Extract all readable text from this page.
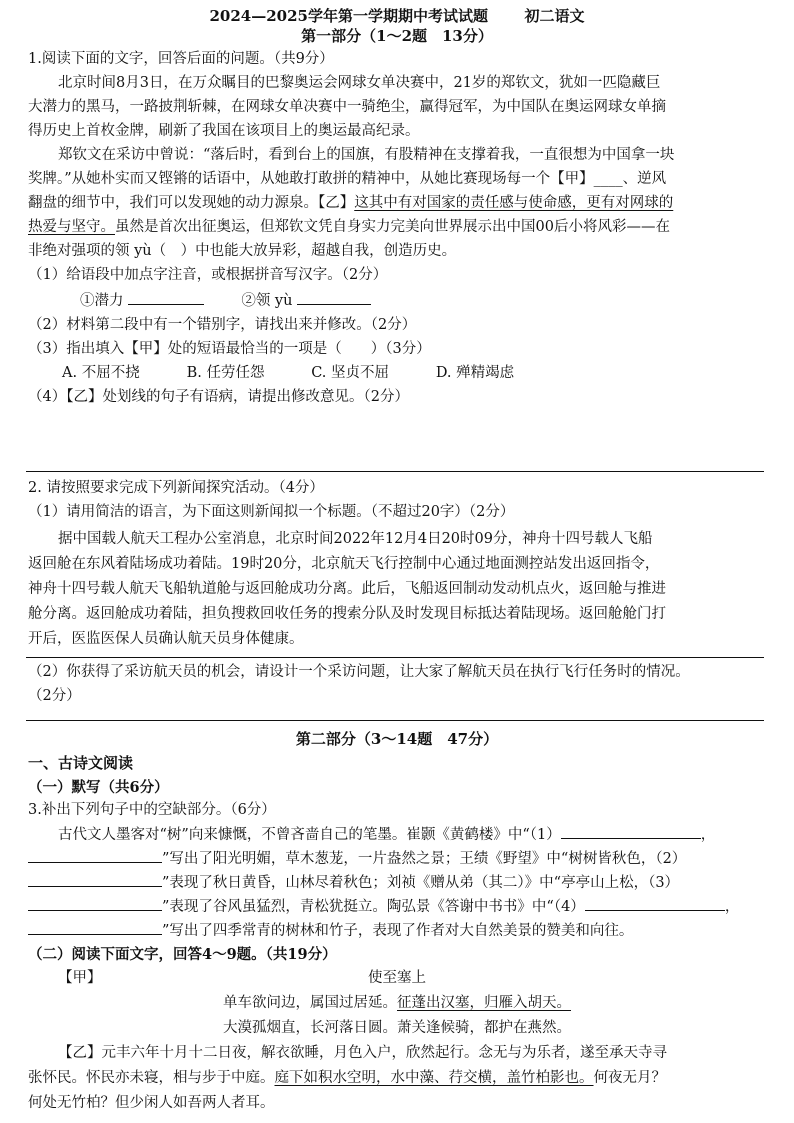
2024—2025学年第一学期期中考试试题 初二语文
第一部分（1～2题　13分）
1.阅读下面的文字，回答后面的问题。（共9分）
北京时间8月3日，在万众瞩目的巴黎奥运会网球女单决赛中，21岁的郑钦文，犹如一匹隐藏巨
大潜力的黑马，一路披荆斩棘，在网球女单决赛中一骑绝尘，赢得冠军，为中国队在奥运网球女单摘
得历史上首枚金牌，刷新了我国在该项目上的奥运最高纪录。
郑钦文在采访中曾说：“落后时，看到台上的国旗，有股精神在支撑着我，一直很想为中国拿一块
奖牌。”从她朴实而又铿锵的话语中，从她敢打敢拼的精神中，从她比赛现场每一个【甲】____、逆风
翻盘的细节中，我们可以发现她的动力源泉。【乙】这其中有对国家的责任感与使命感，更有对网球的
热爱与坚守。虽然是首次出征奥运，但郑钦文凭自身实力完美向世界展示出中国00后小将风彩——在
非绝对强项的领 yù（　）中也能大放异彩，超越自我，创造历史。
（1）给语段中加点字注音，或根据拼音写汉字。（2分）
①潜力	②领 yù
（2）材料第二段中有一个错别字，请找出来并修改。（2分）
（3）指出填入【甲】处的短语最恰当的一项是（　　）（3分）
A. 不屈不挠	B. 任劳任怨	C. 坚贞不屈	D. 殚精竭虑
（4）【乙】处划线的句子有语病，请提出修改意见。（2分）
2. 请按照要求完成下列新闻探究活动。（4分）
（1）请用简洁的语言，为下面这则新闻拟一个标题。（不超过20字）（2分）
据中国载人航天工程办公室消息，北京时间2022年12月4日20时09分，神舟十四号载人飞船
返回舱在东风着陆场成功着陆。19时20分，北京航天飞行控制中心通过地面测控站发出返回指令，
神舟十四号载人航天飞船轨道舱与返回舱成功分离。此后，飞船返回制动发动机点火，返回舱与推进
舱分离。返回舱成功着陆，担负搜救回收任务的搜索分队及时发现目标抵达着陆现场。返回舱舱门打
开后，医监医保人员确认航天员身体健康。
（2）你获得了采访航天员的机会，请设计一个采访问题，让大家了解航天员在执行飞行任务时的情况。
（2分）
第二部分（3～14题　47分）
一、古诗文阅读
（一）默写（共6分）
3.补出下列句子中的空缺部分。（6分）
古代文人墨客对“树”向来慷慨，不曾吝啬自己的笔墨。崔颢《黄鹤楼》中“（1）	，
”写出了阳光明媚，草木葱茏，一片盎然之景；王绩《野望》中“树树皆秋色，（2）
”表现了秋日黄昏，山林尽着秋色；刘祯《赠从弟（其二）》中“亭亭山上松，（3）
”表现了谷风虽猛烈，青松犹挺立。陶弘景《答谢中书书》中“（4）	，
”写出了四季常青的树林和竹子，表现了作者对大自然美景的赞美和向往。
（二）阅读下面文字，回答4～9题。（共19分）
【甲】	使至塞上
单车欲问边，属国过居延。征蓬出汉塞，归雁入胡天。
大漠孤烟直，长河落日圆。萧关逢候骑，都护在燕然。
【乙】元丰六年十月十二日夜，解衣欲睡，月色入户，欣然起行。念无与为乐者，遂至承天寺寻
张怀民。怀民亦未寝，相与步于中庭。庭下如积水空明，水中藻、荇交横，盖竹柏影也。何夜无月？
何处无竹柏？但少闲人如吾两人者耳。
